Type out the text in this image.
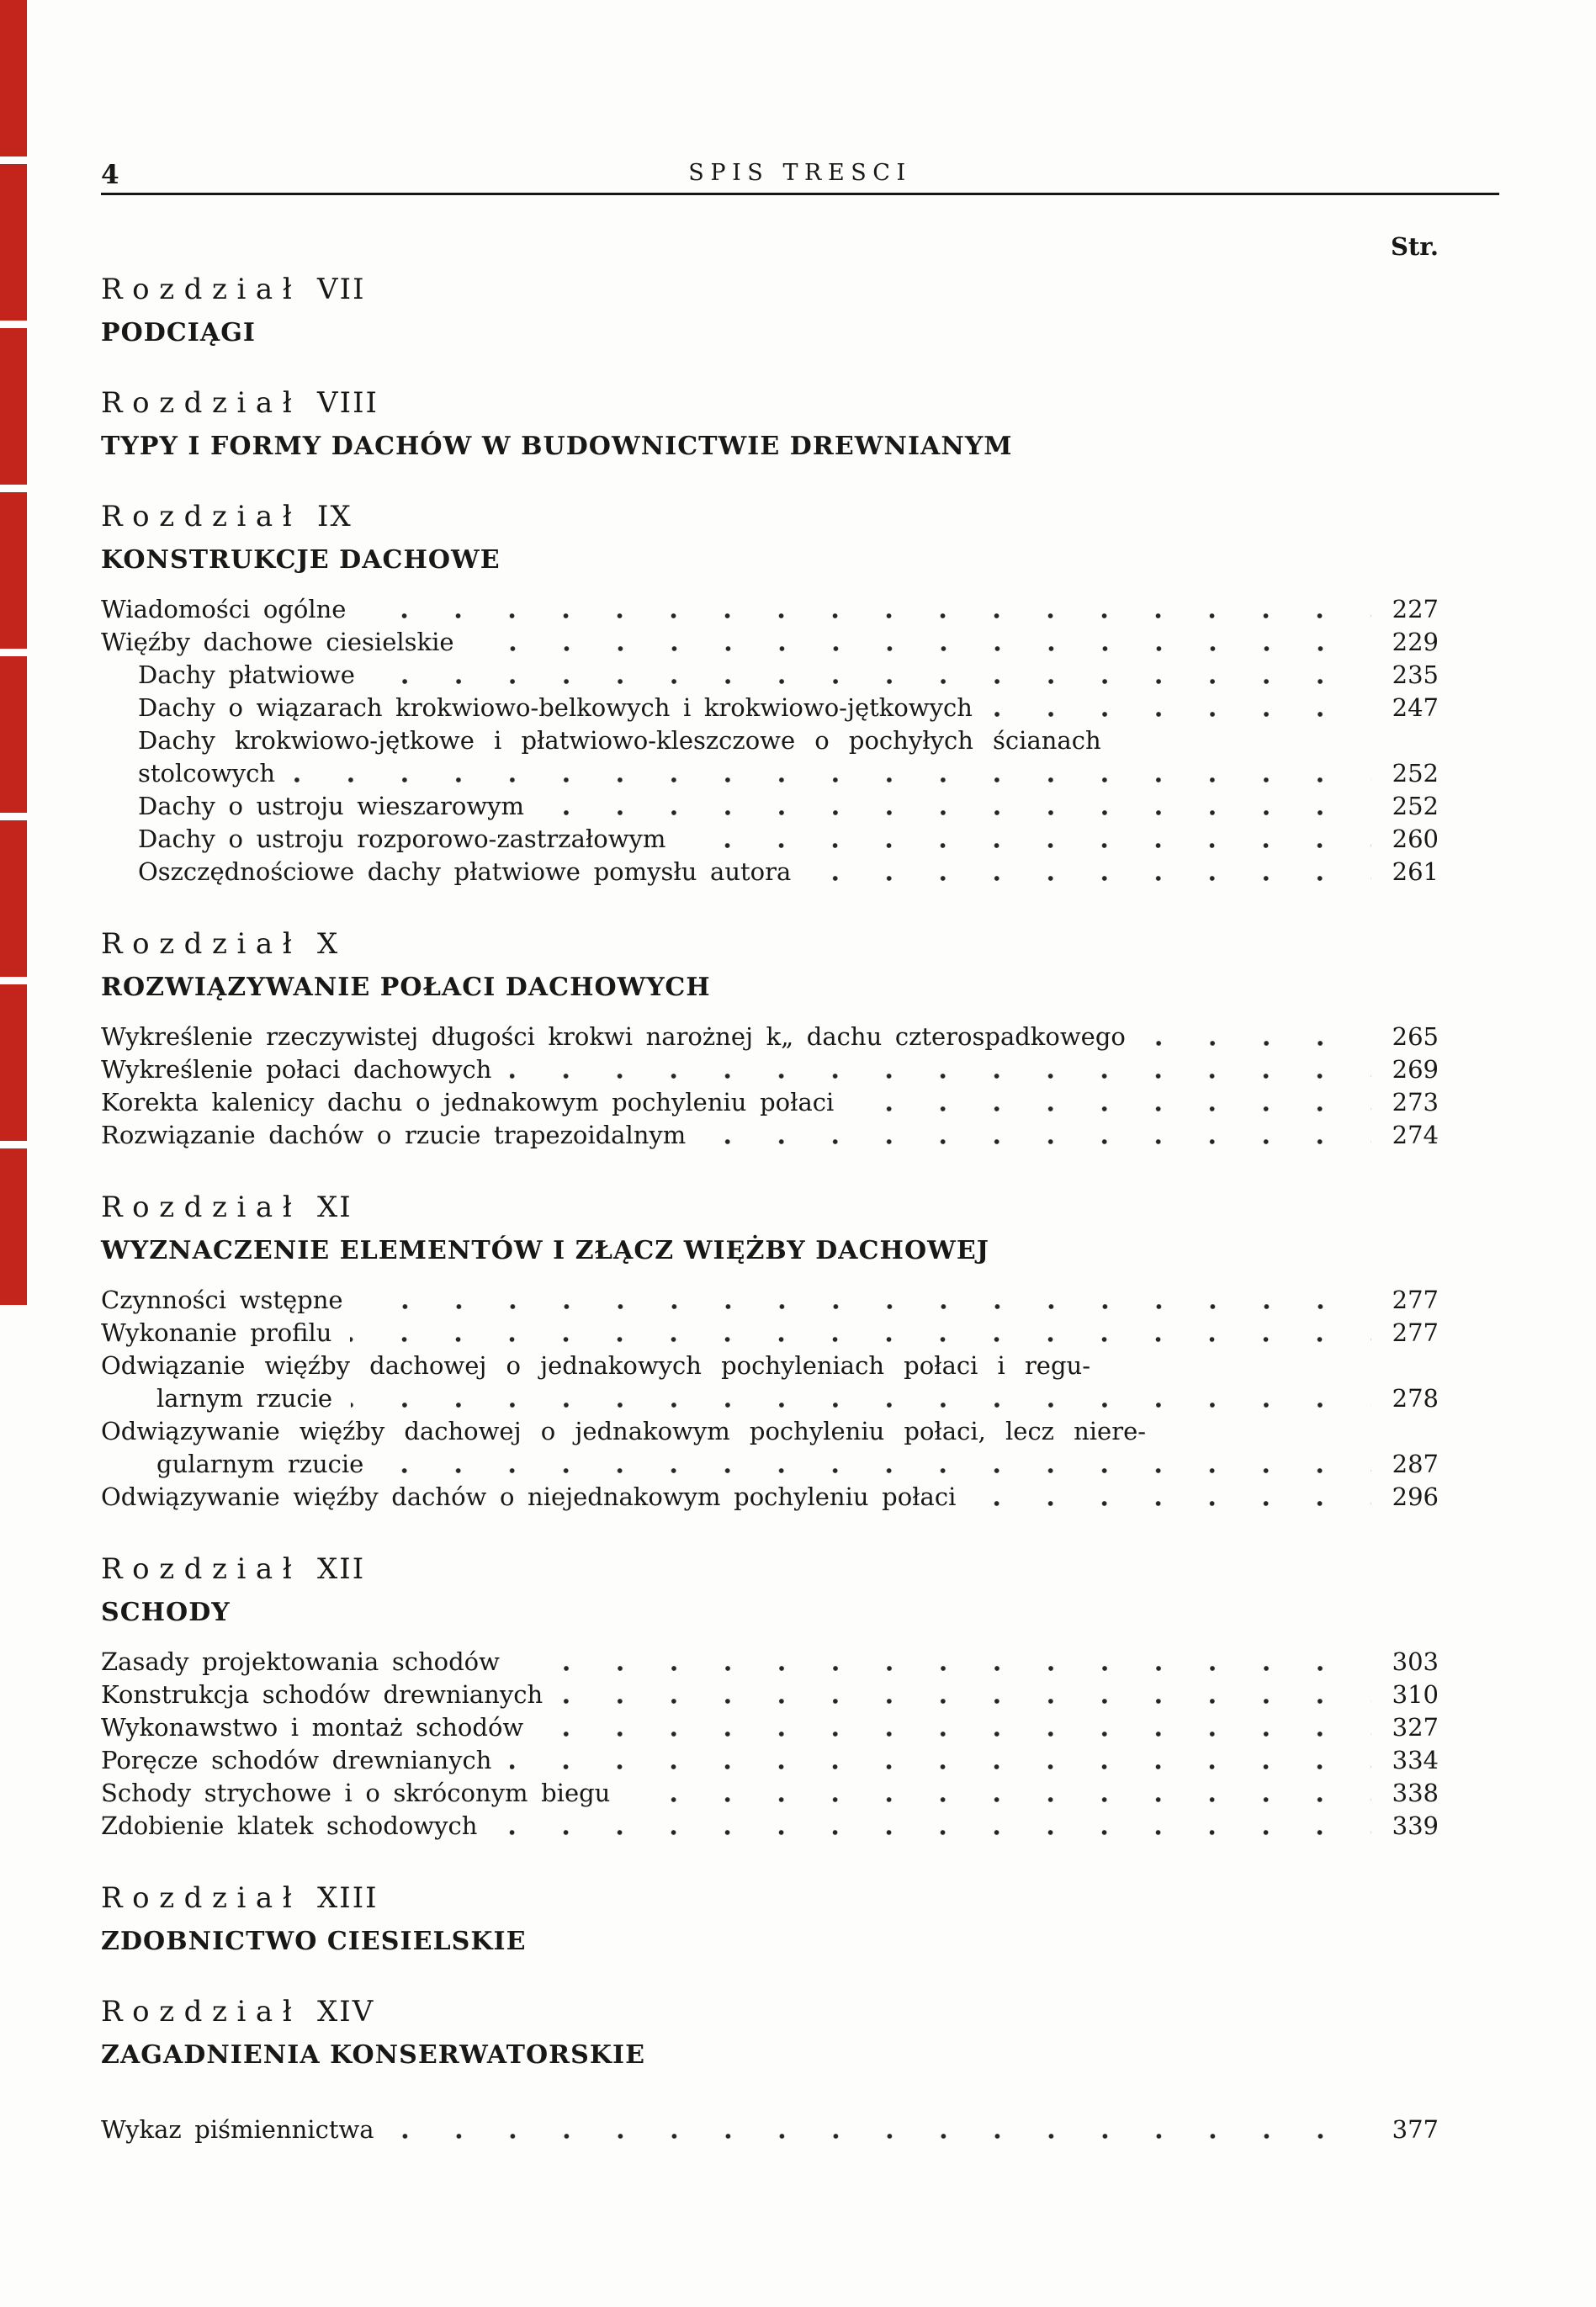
4	SPIS TRESCI
Str.
Rozdział VII
PODCIĄGI
Rozdział VIII
TYPY I FORMY DACHÓW W BUDOWNICTWIE DREWNIANYM
Rozdział IX
KONSTRUKCJE DACHOWE
Wiadomości ogólne	227
Więźby dachowe ciesielskie	229
Dachy płatwiowe	235
Dachy o wiązarach krokwiowo-belkowych i krokwiowo-jętkowych	247
Dachy krokwiowo-jętkowe i płatwiowo-kleszczowe o pochyłych ścianach
stolcowych	252
Dachy o ustroju wieszarowym	252
Dachy o ustroju rozporowo-zastrzałowym	260
Oszczędnościowe dachy płatwiowe pomysłu autora	261
Rozdział X
ROZWIĄZYWANIE POŁACI DACHOWYCH
Wykreślenie rzeczywistej długości krokwi narożnej k„ dachu czterospadkowego	265
Wykreślenie połaci dachowych	269
Korekta kalenicy dachu o jednakowym pochyleniu połaci	273
Rozwiązanie dachów o rzucie trapezoidalnym	274
Rozdział XI
WYZNACZENIE ELEMENTÓW I ZŁĄCZ WIĘŻBY DACHOWEJ
Czynności wstępne	277
Wykonanie profilu	277
Odwiązanie więźby dachowej o jednakowych pochyleniach połaci i regu-
larnym rzucie	278
Odwiązywanie więźby dachowej o jednakowym pochyleniu połaci, lecz niere-
gularnym rzucie	287
Odwiązywanie więźby dachów o niejednakowym pochyleniu połaci	296
Rozdział XII
SCHODY
Zasady projektowania schodów	303
Konstrukcja schodów drewnianych	310
Wykonawstwo i montaż schodów	327
Poręcze schodów drewnianych	334
Schody strychowe i o skróconym biegu	338
Zdobienie klatek schodowych	339
Rozdział XIII
ZDOBNICTWO CIESIELSKIE
Rozdział XIV
ZAGADNIENIA KONSERWATORSKIE
Wykaz piśmiennictwa	377
